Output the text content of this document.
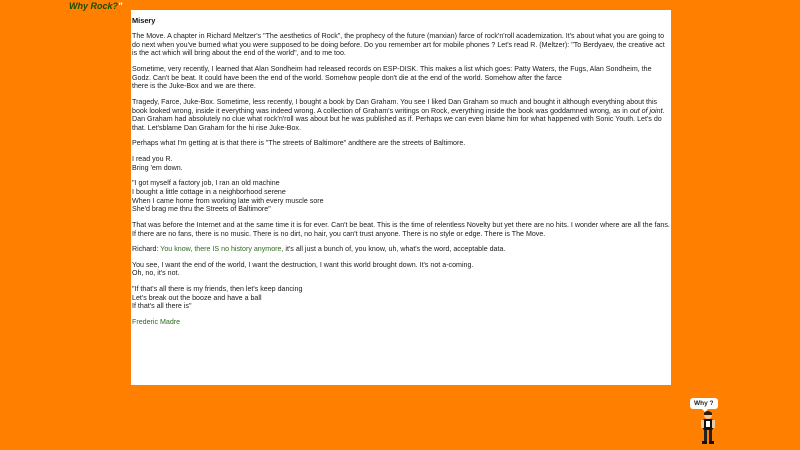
Why Rock?"
Misery

The Move. A chapter in Richard Meltzer's "The aesthetics of Rock", the prophecy of the future (marxian) farce of rock'n'roll academization. It's about what you are going to do next when you've burned what you were supposed to be doing before. Do you remember art for mobile phones ? Let's read R. (Meltzer): "To Berdyaev, the creative act is the act which will bring about the end of the world", and to me too.

Sometime, very recently, I learned that Alan Sondheim had released records on ESP-DISK. This makes a list which goes: Patty Waters, the Fugs, Alan Sondheim, the Godz. Can't be beat. It could have been the end of the world. Somehow people don't die at the end of the world. Somehow after the farce
there is the Juke-Box and we are there.

Tragedy, Farce, Juke-Box. Sometime, less recently, I bought a book by Dan Graham. You see I liked Dan Graham so much and bought it although everything about this book looked wrong, inside it everything was indeed wrong. A collection of Graham's writings on Rock, everything inside the book was goddamned wrong, as in out of joint. Dan Graham had absolutely no clue what rock'n'roll was about but he was published as if. Perhaps we can even blame him for what happened with Sonic Youth. Let's do that. Let'sblame Dan Graham for the hi rise Juke-Box.

Perhaps what I'm getting at is that there is "The streets of Baltimore" andthere are the streets of Baltimore.

I read you R.
Bring 'em down.

"I got myself a factory job, I ran an old machine
I bought a little cottage in a neighborhood serene
When I came home from working late with every muscle sore
She'd brag me thru the Streets of Baltimore"

That was before the Internet and at the same time it is for ever. Can't be beat. This is the time of relentless Novelty but yet there are no hits. I wonder where are all the fans. If there are no fans, there is no music. There is no dirt, no hair, you can't trust anyone. There is no style or edge. There is The Move.

Richard: You know, there IS no history anymore, it's all just a bunch of, you know, uh, what's the word, acceptable data.

You see, I want the end of the world, I want the destruction, I want this world brought down. It's not a-coming.
Oh, no, it's not.

"If that's all there is my friends, then let's keep dancing
Let's break out the booze and have a ball
If that's all there is"

Frederic Madre

Why ?
